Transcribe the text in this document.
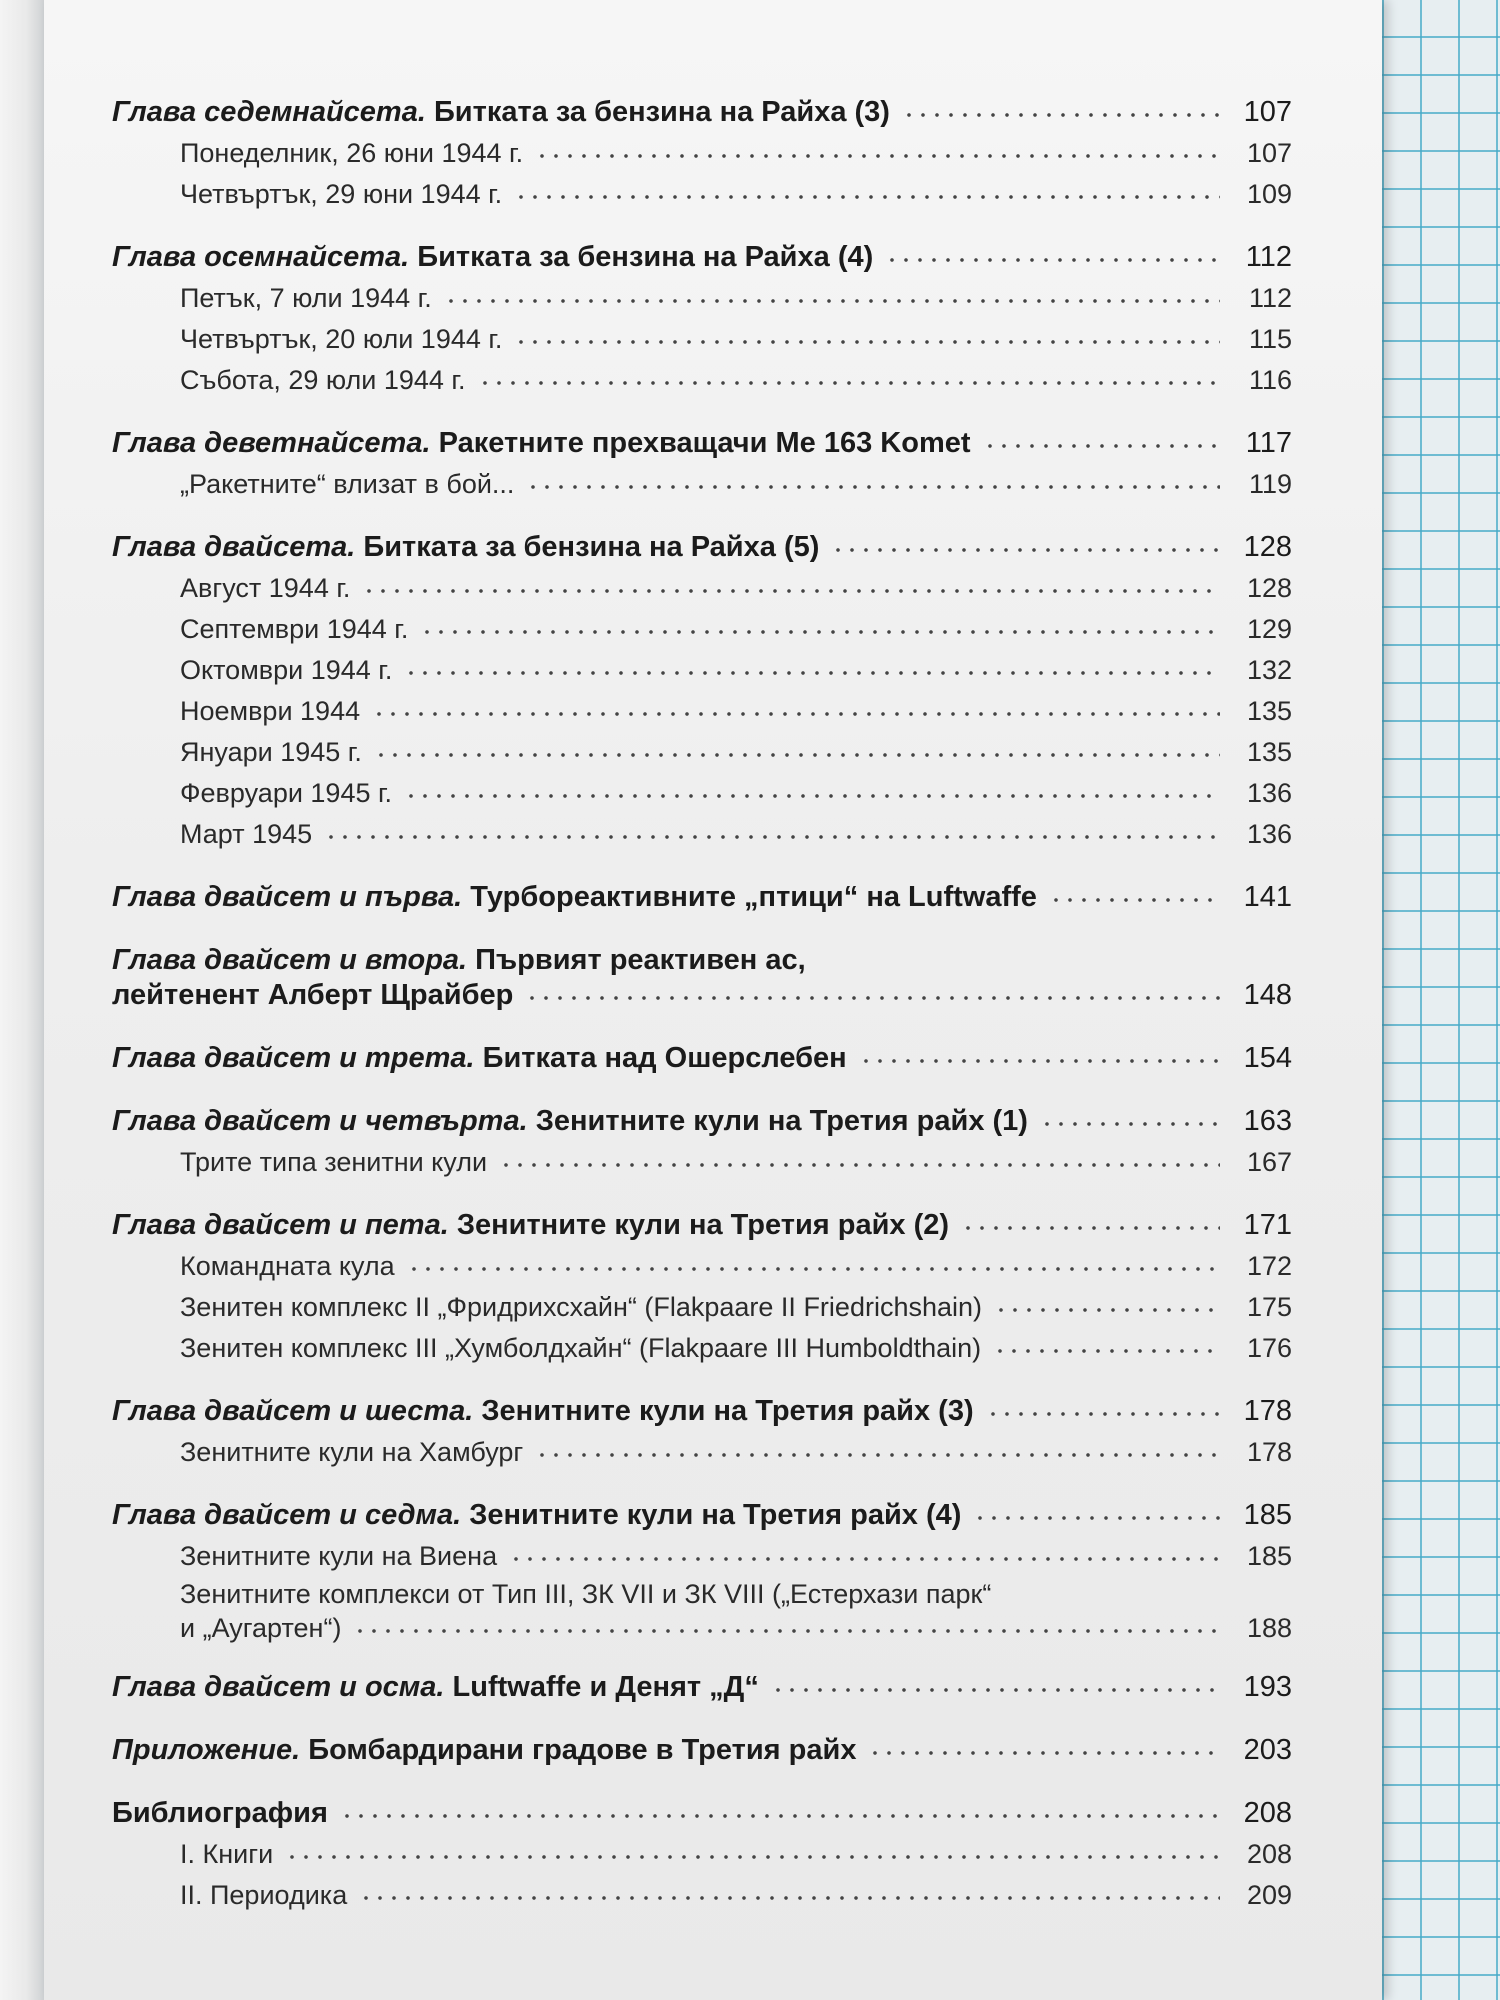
Глава седемнайсета. Битката за бензина на Райха (3)	107
Понеделник, 26 юни 1944 г.	107
Четвъртък, 29 юни 1944 г.	109
Глава осемнайсета. Битката за бензина на Райха (4)	112
Петък, 7 юли 1944 г.	112
Четвъртък, 20 юли 1944 г.	115
Събота, 29 юли 1944 г.	116
Глава деветнайсета. Ракетните прехващачи Me 163 Komet	117
„Ракетните“ влизат в бой...	119
Глава двайсета. Битката за бензина на Райха (5)	128
Август 1944 г.	128
Септември 1944 г.	129
Октомври 1944 г.	132
Ноември 1944	135
Януари 1945 г.	135
Февруари 1945 г.	136
Март 1945	136
Глава двайсет и първа. Турбореактивните „птици“ на Luftwaffe	141
Глава двайсет и втора. Първият реактивен ас,
лейтенент Алберт Щрайбер	148
Глава двайсет и трета. Битката над Ошерслебен	154
Глава двайсет и четвърта. Зенитните кули на Третия райх (1)	163
Трите типа зенитни кули	167
Глава двайсет и пета. Зенитните кули на Третия райх (2)	171
Командната кула	172
Зенитен комплекс II „Фридрихсхайн“ (Flakpaare II Friedrichshain)	175
Зенитен комплекс III „Хумболдхайн“ (Flakpaare III Humboldthain)	176
Глава двайсет и шеста. Зенитните кули на Третия райх (3)	178
Зенитните кули на Хамбург	178
Глава двайсет и седма. Зенитните кули на Третия райх (4)	185
Зенитните кули на Виена	185
Зенитните комплекси от Тип III, ЗК VII и ЗК VIII („Естерхази парк“
и „Аугартен“)	188
Глава двайсет и осма. Luftwaffe и Денят „Д“	193
Приложение. Бомбардирани градове в Третия райх	203
Библиография	208
I. Книги	208
II. Периодика	209
